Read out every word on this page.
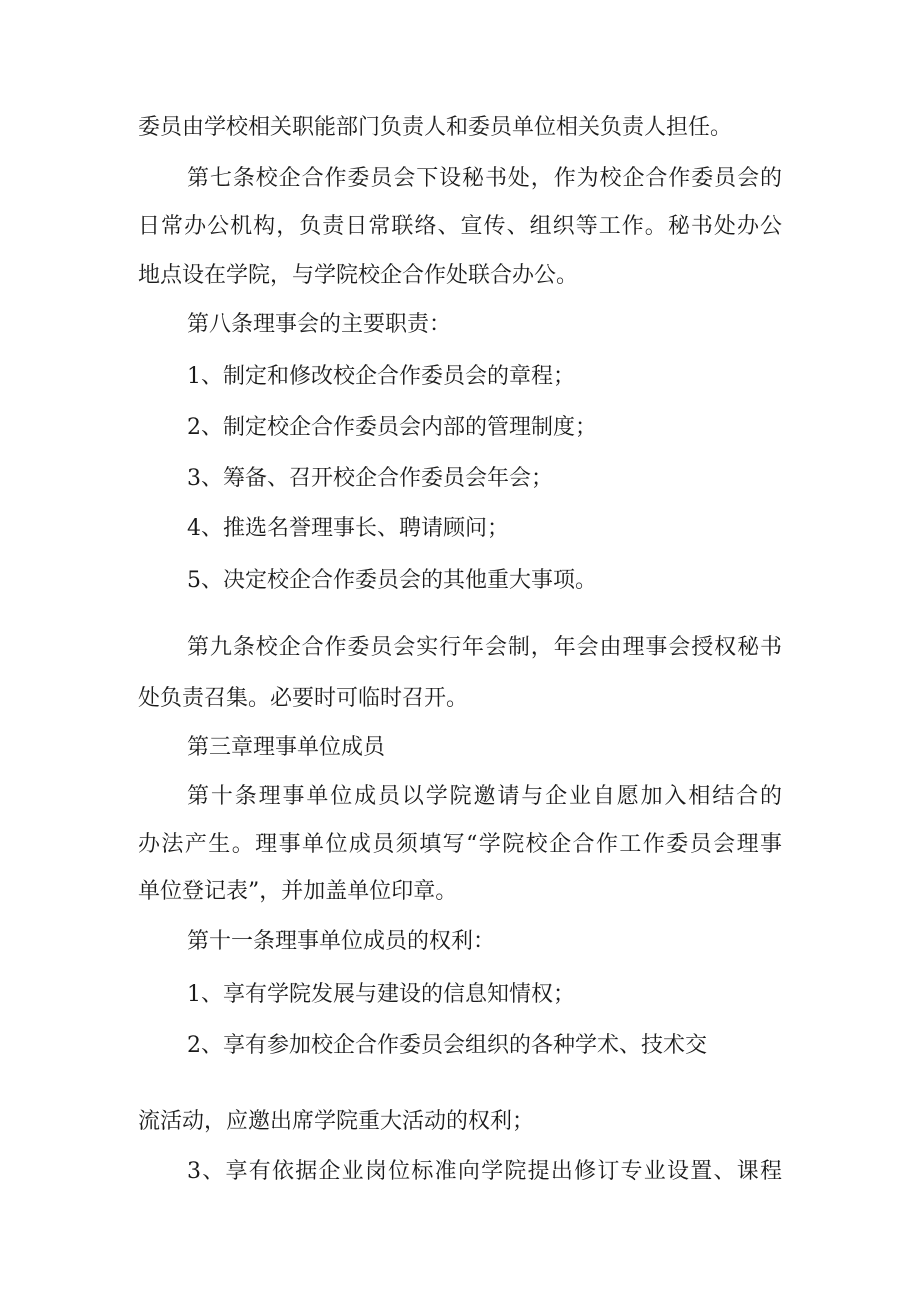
委员由学校相关职能部门负责人和委员单位相关负责人担任。

第七条校企合作委员会下设秘书处，作为校企合作委员会的

日常办公机构，负责日常联络、宣传、组织等工作。秘书处办公

地点设在学院，与学院校企合作处联合办公。

第八条理事会的主要职责：

1、制定和修改校企合作委员会的章程；

2、制定校企合作委员会内部的管理制度；

3、筹备、召开校企合作委员会年会；

4、推选名誉理事长、聘请顾问；

5、决定校企合作委员会的其他重大事项。

第九条校企合作委员会实行年会制，年会由理事会授权秘书

处负责召集。必要时可临时召开。

第三章理事单位成员

第十条理事单位成员以学院邀请与企业自愿加入相结合的

办法产生。理事单位成员须填写“学院校企合作工作委员会理事

单位登记表”，并加盖单位印章。

第十一条理事单位成员的权利：

1、享有学院发展与建设的信息知情权；

2、享有参加校企合作委员会组织的各种学术、技术交

流活动，应邀出席学院重大活动的权利；

3、享有依据企业岗位标准向学院提出修订专业设置、课程
